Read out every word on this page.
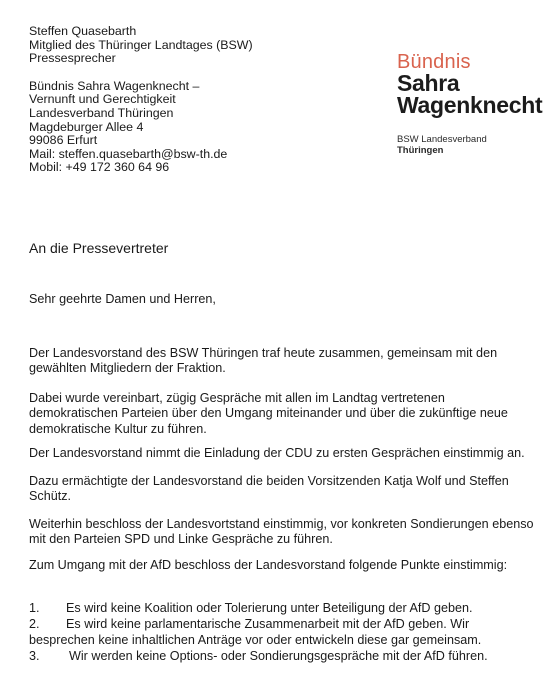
Steffen Quasebarth
Mitglied des Thüringer Landtages (BSW)
Pressesprecher
Bündnis Sahra Wagenknecht –
Vernunft und Gerechtigkeit
Landesverband Thüringen
Magdeburger Allee 4
99086 Erfurt
Mail: steffen.quasebarth@bsw-th.de
Mobil: +49 172 360 64 96
Bündnis
Sahra
Wagenknecht
BSW Landesverband
Thüringen
An die Pressevertreter
Sehr geehrte Damen und Herren,
Der Landesvorstand des BSW Thüringen traf heute zusammen, gemeinsam mit den
gewählten Mitgliedern der Fraktion.
Dabei wurde vereinbart, zügig Gespräche mit allen im Landtag vertretenen
demokratischen Parteien über den Umgang miteinander und über die zukünftige neue
demokratische Kultur zu führen.
Der Landesvorstand nimmt die Einladung der CDU zu ersten Gesprächen einstimmig an.
Dazu ermächtigte der Landesvorstand die beiden Vorsitzenden Katja Wolf und Steffen
Schütz.
Weiterhin beschloss der Landesvortstand einstimmig, vor konkreten Sondierungen ebenso
mit den Parteien SPD und Linke Gespräche zu führen.
Zum Umgang mit der AfD beschloss der Landesvorstand folgende Punkte einstimmig:
1. Es wird keine Koalition oder Tolerierung unter Beteiligung der AfD geben.
2. Es wird keine parlamentarische Zusammenarbeit mit der AfD geben. Wir
besprechen keine inhaltlichen Anträge vor oder entwickeln diese gar gemeinsam.
3. Wir werden keine Options- oder Sondierungsgespräche mit der AfD führen.
